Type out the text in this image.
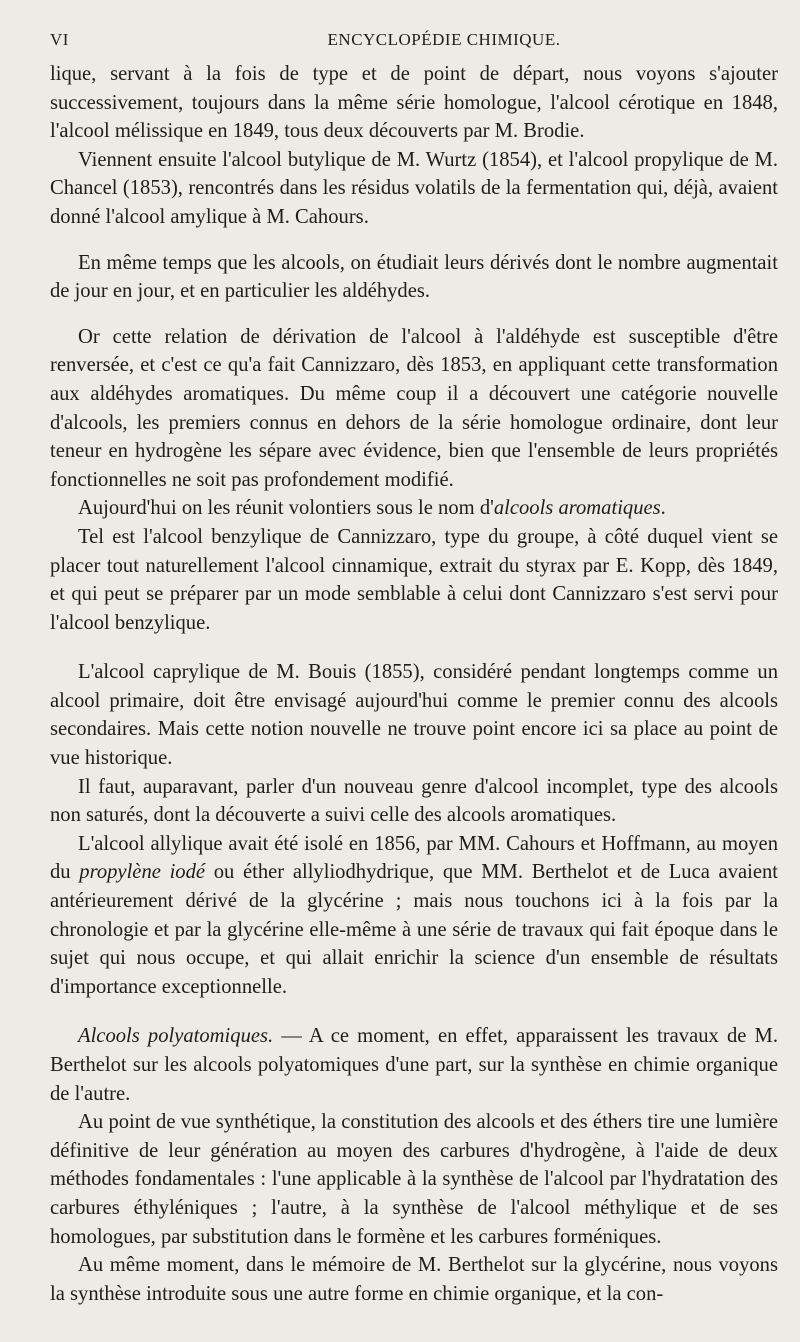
VI	ENCYCLOPÉDIE CHIMIQUE.

lique, servant à la fois de type et de point de départ, nous voyons s'ajouter successivement, toujours dans la même série homologue, l'alcool cérotique en 1848, l'alcool mélissique en 1849, tous deux découverts par M. Brodie.

Viennent ensuite l'alcool butylique de M. Wurtz (1854), et l'alcool propylique de M. Chancel (1853), rencontrés dans les résidus volatils de la fermentation qui, déjà, avaient donné l'alcool amylique à M. Cahours.

En même temps que les alcools, on étudiait leurs dérivés dont le nombre augmentait de jour en jour, et en particulier les aldéhydes.

Or cette relation de dérivation de l'alcool à l'aldéhyde est susceptible d'être renversée, et c'est ce qu'a fait Cannizzaro, dès 1853, en appliquant cette transformation aux aldéhydes aromatiques. Du même coup il a découvert une catégorie nouvelle d'alcools, les premiers connus en dehors de la série homologue ordinaire, dont leur teneur en hydrogène les sépare avec évidence, bien que l'ensemble de leurs propriétés fonctionnelles ne soit pas profondement modifié.

Aujourd'hui on les réunit volontiers sous le nom d'alcools aromatiques.

Tel est l'alcool benzylique de Cannizzaro, type du groupe, à côté duquel vient se placer tout naturellement l'alcool cinnamique, extrait du styrax par E. Kopp, dès 1849, et qui peut se préparer par un mode semblable à celui dont Cannizzaro s'est servi pour l'alcool benzylique.

L'alcool caprylique de M. Bouis (1855), considéré pendant longtemps comme un alcool primaire, doit être envisagé aujourd'hui comme le premier connu des alcools secondaires. Mais cette notion nouvelle ne trouve point encore ici sa place au point de vue historique.

Il faut, auparavant, parler d'un nouveau genre d'alcool incomplet, type des alcools non saturés, dont la découverte a suivi celle des alcools aromatiques.

L'alcool allylique avait été isolé en 1856, par MM. Cahours et Hoffmann, au moyen du propylène iodé ou éther allyliodhydrique, que MM. Berthelot et de Luca avaient antérieurement dérivé de la glycérine ; mais nous touchons ici à la fois par la chronologie et par la glycérine elle-même à une série de travaux qui fait époque dans le sujet qui nous occupe, et qui allait enrichir la science d'un ensemble de résultats d'importance exceptionnelle.

Alcools polyatomiques. — A ce moment, en effet, apparaissent les travaux de M. Berthelot sur les alcools polyatomiques d'une part, sur la synthèse en chimie organique de l'autre.

Au point de vue synthétique, la constitution des alcools et des éthers tire une lumière définitive de leur génération au moyen des carbures d'hydrogène, à l'aide de deux méthodes fondamentales : l'une applicable à la synthèse de l'alcool par l'hydratation des carbures éthyléniques ; l'autre, à la synthèse de l'alcool méthylique et de ses homologues, par substitution dans le formène et les carbures forméniques.

Au même moment, dans le mémoire de M. Berthelot sur la glycérine, nous voyons la synthèse introduite sous une autre forme en chimie organique, et la con-
